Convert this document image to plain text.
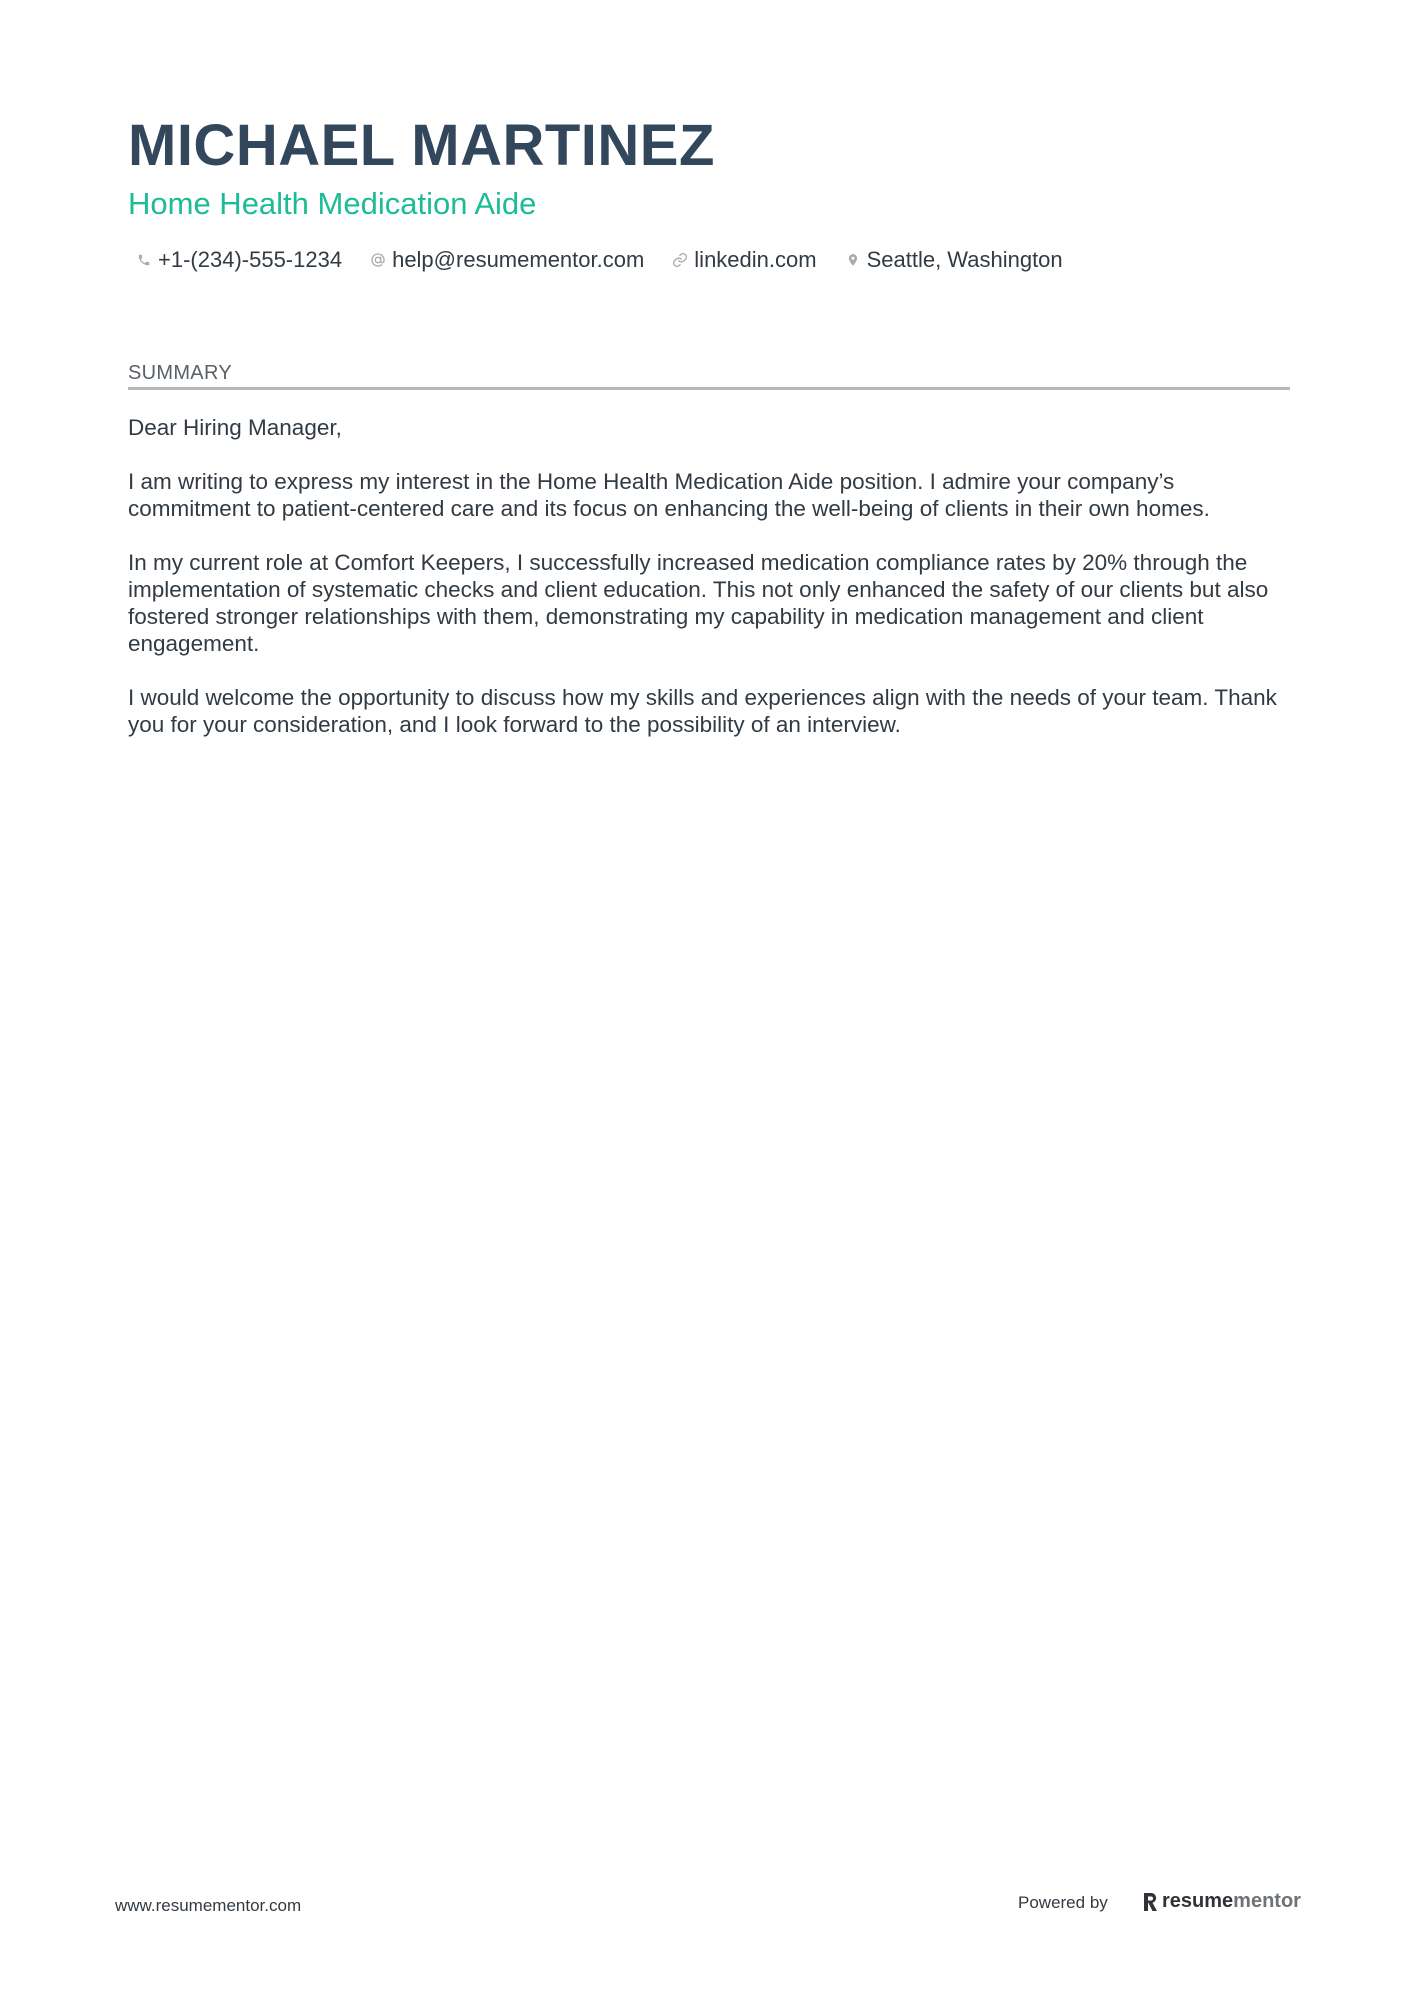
MICHAEL MARTINEZ
Home Health Medication Aide
+1-(234)-555-1234 help@resumementor.com linkedin.com Seattle, Washington
SUMMARY

Dear Hiring Manager,

I am writing to express my interest in the Home Health Medication Aide position. I admire your company’s commitment to patient-centered care and its focus on enhancing the well-being of clients in their own homes.

In my current role at Comfort Keepers, I successfully increased medication compliance rates by 20% through the implementation of systematic checks and client education. This not only enhanced the safety of our clients but also fostered stronger relationships with them, demonstrating my capability in medication management and client engagement.

I would welcome the opportunity to discuss how my skills and experiences align with the needs of your team. Thank you for your consideration, and I look forward to the possibility of an interview.

www.resumementor.com	Powered by	resume mentor
